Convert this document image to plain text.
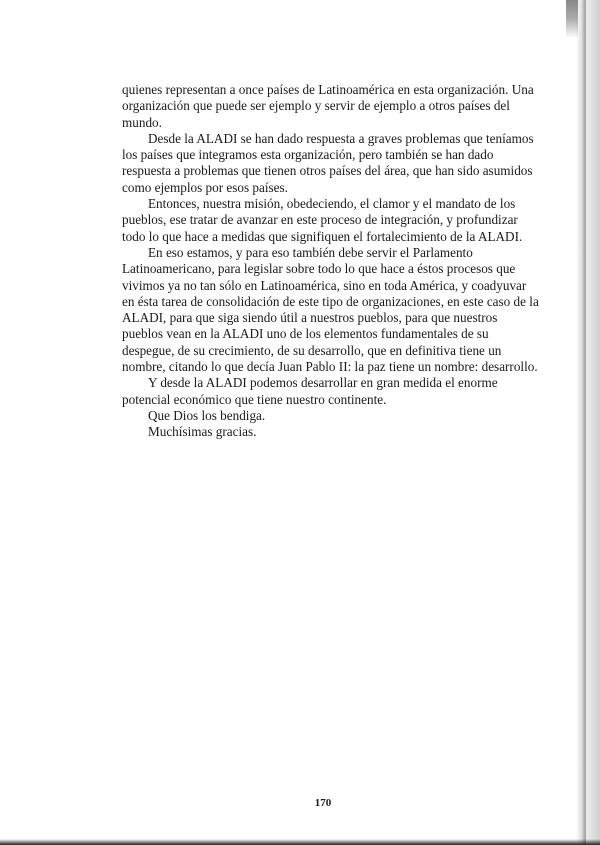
quienes representan a once países de Latinoamérica en esta organización. Una organización que puede ser ejemplo y servir de ejemplo a otros países del mundo.

Desde la ALADI se han dado respuesta a graves problemas que teníamos los países que integramos esta organización, pero también se han dado respuesta a problemas que tienen otros países del área, que han sido asumidos como ejemplos por esos países.

Entonces, nuestra misión, obedeciendo, el clamor y el mandato de los pueblos, ese tratar de avanzar en este proceso de integración, y profundizar todo lo que hace a medidas que signifiquen el fortalecimiento de la ALADI.

En eso estamos, y para eso también debe servir el Parlamento Latinoamericano, para legislar sobre todo lo que hace a éstos procesos que vivimos ya no tan sólo en Latinoamérica, sino en toda América, y coadyuvar en ésta tarea de consolidación de este tipo de organizaciones, en este caso de la ALADI, para que siga siendo útil a nuestros pueblos, para que nuestros pueblos vean en la ALADI uno de los elementos fundamentales de su despegue, de su crecimiento, de su desarrollo, que en definitiva tiene un nombre, citando lo que decía Juan Pablo II: la paz tiene un nombre: desarrollo.

Y desde la ALADI podemos desarrollar en gran medida el enorme potencial económico que tiene nuestro continente.

Que Dios los bendiga.

Muchísimas gracias.

170
